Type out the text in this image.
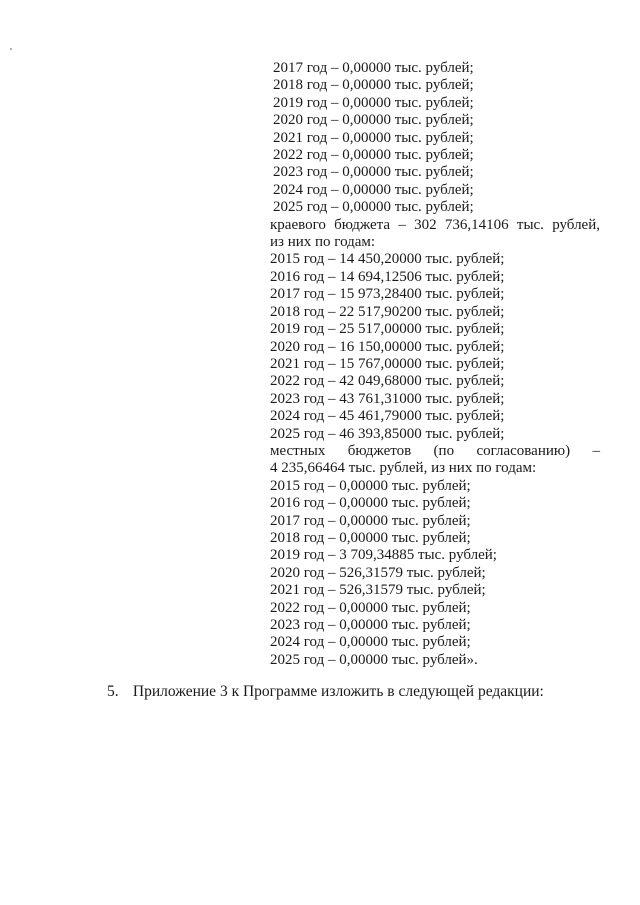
2017 год – 0,00000 тыс. рублей;
2018 год – 0,00000 тыс. рублей;
2019 год – 0,00000 тыс. рублей;
2020 год – 0,00000 тыс. рублей;
2021 год – 0,00000 тыс. рублей;
2022 год – 0,00000 тыс. рублей;
2023 год – 0,00000 тыс. рублей;
2024 год – 0,00000 тыс. рублей;
2025 год – 0,00000 тыс. рублей;
краевого бюджета – 302 736,14106 тыс. рублей,
из них по годам:
2015 год – 14 450,20000 тыс. рублей;
2016 год – 14 694,12506 тыс. рублей;
2017 год – 15 973,28400 тыс. рублей;
2018 год – 22 517,90200 тыс. рублей;
2019 год – 25 517,00000 тыс. рублей;
2020 год – 16 150,00000 тыс. рублей;
2021 год – 15 767,00000 тыс. рублей;
2022 год – 42 049,68000 тыс. рублей;
2023 год – 43 761,31000 тыс. рублей;
2024 год – 45 461,79000 тыс. рублей;
2025 год – 46 393,85000 тыс. рублей;
местных бюджетов (по согласованию) –
4 235,66464 тыс. рублей, из них по годам:
2015 год – 0,00000 тыс. рублей;
2016 год – 0,00000 тыс. рублей;
2017 год – 0,00000 тыс. рублей;
2018 год – 0,00000 тыс. рублей;
2019 год – 3 709,34885 тыс. рублей;
2020 год – 526,31579 тыс. рублей;
2021 год – 526,31579 тыс. рублей;
2022 год – 0,00000 тыс. рублей;
2023 год – 0,00000 тыс. рублей;
2024 год – 0,00000 тыс. рублей;
2025 год – 0,00000 тыс. рублей».
5. Приложение 3 к Программе изложить в следующей редакции:
